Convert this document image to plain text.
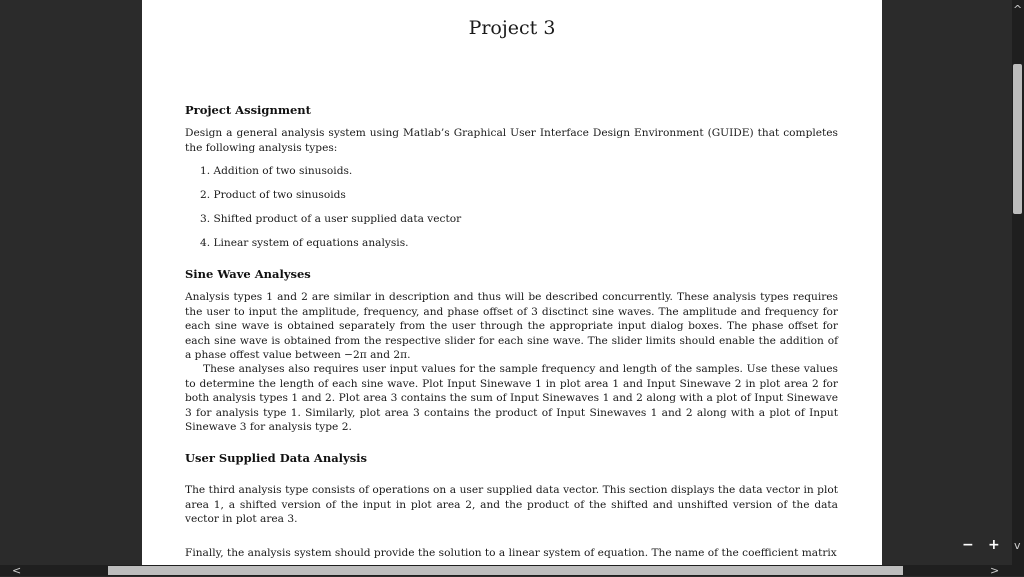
Project 3
Project Assignment

Design a general analysis system using Matlab’s Graphical User Interface Design Environment (GUIDE) that completes the following analysis types:

1. Addition of two sinusoids.
2. Product of two sinusoids
3. Shifted product of a user supplied data vector
4. Linear system of equations analysis.
Sine Wave Analyses

Analysis types 1 and 2 are similar in description and thus will be described concurrently. These analysis types requires the user to input the amplitude, frequency, and phase offset of 3 disctinct sine waves. The amplitude and frequency for each sine wave is obtained separately from the user through the appropriate input dialog boxes. The phase offset for each sine wave is obtained from the respective slider for each sine wave. The slider limits should enable the addition of a phase offest value between −2π and 2π.

These analyses also requires user input values for the sample frequency and length of the samples. Use these values to determine the length of each sine wave. Plot Input Sinewave 1 in plot area 1 and Input Sinewave 2 in plot area 2 for both analysis types 1 and 2. Plot area 3 contains the sum of Input Sinewaves 1 and 2 along with a plot of Input Sinewave 3 for analysis type 1. Similarly, plot area 3 contains the product of Input Sinewaves 1 and 2 along with a plot of Input Sinewave 3 for analysis type 2.

User Supplied Data Analysis

The third analysis type consists of operations on a user supplied data vector. This section displays the data vector in plot area 1, a shifted version of the input in plot area 2, and the product of the shifted and unshifted version of the data vector in plot area 3.

Finally, the analysis system should provide the solution to a linear system of equation. The name of the coefficient matrix

^
v
<	>
− +
